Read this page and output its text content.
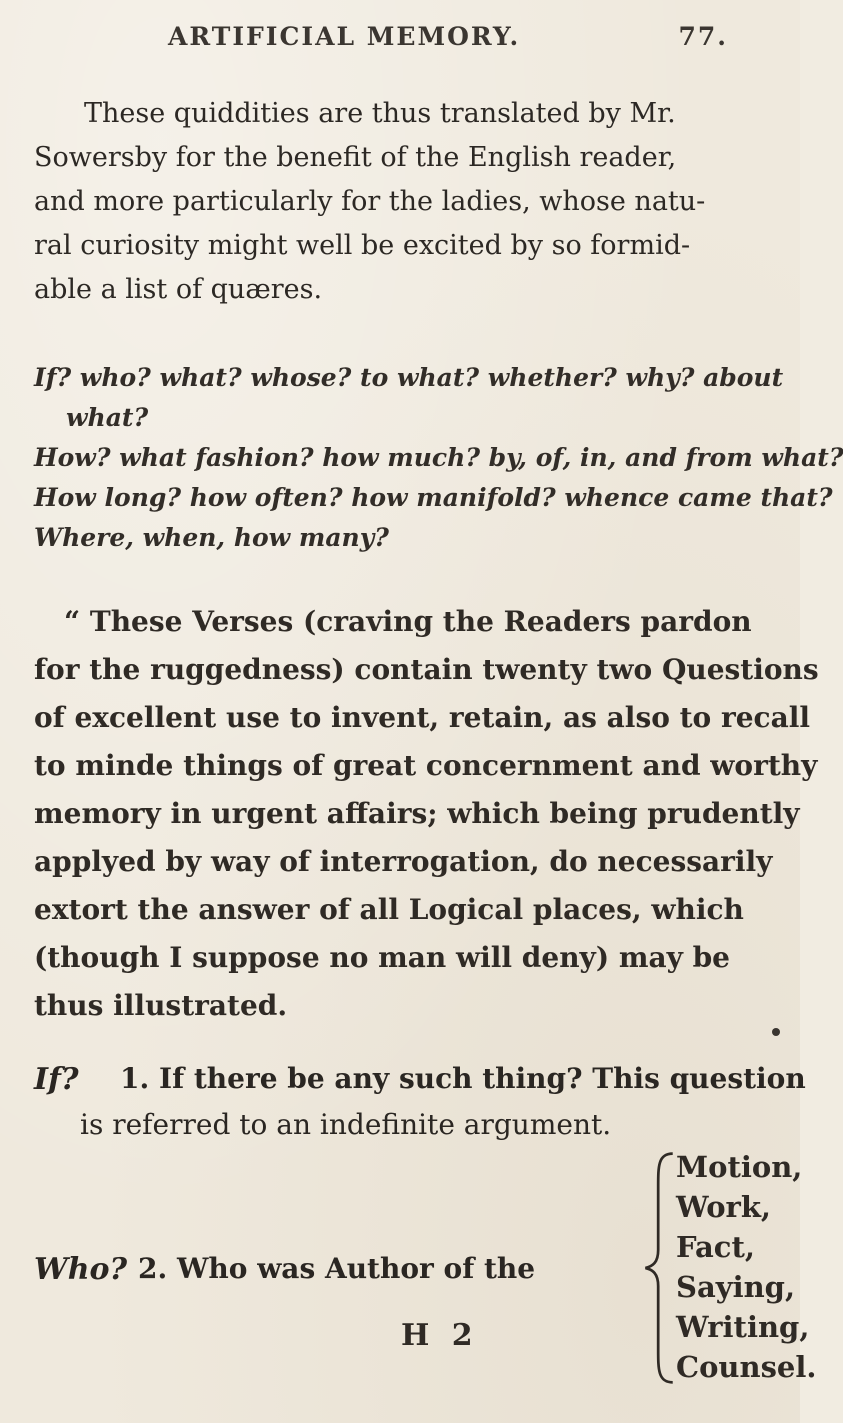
ARTIFICIAL MEMORY.	77.
These quiddities are thus translated by Mr.
Sowersby for the benefit of the English reader,
and more particularly for the ladies, whose natu-
ral curiosity might well be excited by so formid-
able a list of quæres.
If? who? what? whose? to what? whether? why? about
what?
How? what fashion? how much? by, of, in, and from what?
How long? how often? how manifold? whence came that?
Where, when, how many?
“ These Verses (craving the Readers pardon
for the ruggedness) contain twenty two Questions
of excellent use to invent, retain, as also to recall
to minde things of great concernment and worthy
memory in urgent affairs; which being prudently
applyed by way of interrogation, do necessarily
extort the answer of all Logical places, which
(though I suppose no man will deny) may be
thus illustrated.
If? 1. If there be any such thing? This question
is referred to an indefinite argument.
Who? 2. Who was Author of the
Motion,
Work,
Fact,
Saying,
Writing,
Counsel.
H 2
